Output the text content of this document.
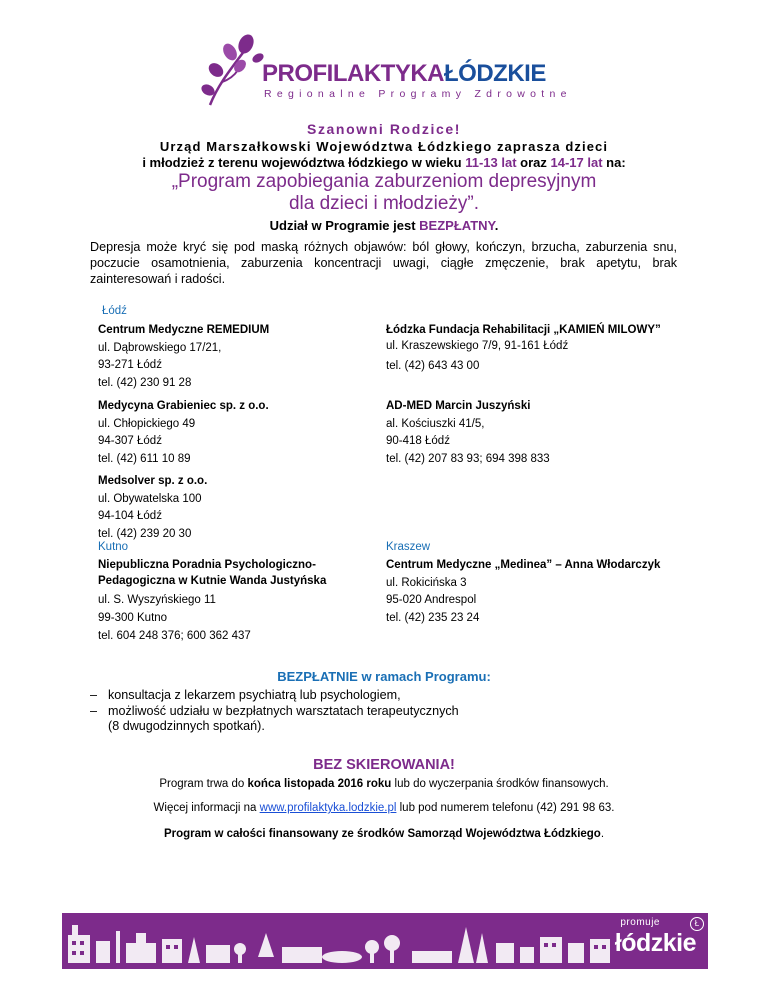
PROFILAKTYKAŁÓDZKIE
Regionalne Programy Zdrowotne
Szanowni Rodzice!
Urząd Marszałkowski Województwa Łódzkiego zaprasza dzieci
i młodzież z terenu województwa łódzkiego w wieku 11-13 lat oraz 14-17 lat na:
„Program zapobiegania zaburzeniom depresyjnym
dla dzieci i młodzieży”.
Udział w Programie jest BEZPŁATNY.
Depresja może kryć się pod maską różnych objawów: ból głowy, kończyn, brzucha, zaburzenia snu, poczucie osamotnienia, zaburzenia koncentracji uwagi, ciągłe zmęczenie, brak apetytu, brak zainteresowań i radości.
Łódź
Centrum Medyczne REMEDIUM
ul. Dąbrowskiego 17/21,
93-271 Łódź
tel. (42) 230 91 28
Medycyna Grabieniec sp. z o.o.
ul. Chłopickiego 49
94-307 Łódź
tel. (42) 611 10 89
Medsolver sp. z o.o.
ul. Obywatelska 100
94-104 Łódź
tel. (42) 239 20 30
Kutno
Niepubliczna Poradnia Psychologiczno-
Pedagogiczna w Kutnie Wanda Justyńska
ul. S. Wyszyńskiego 11
99-300 Kutno
tel. 604 248 376; 600 362 437
Łódzka Fundacja Rehabilitacji „KAMIEŃ MILOWY”
ul. Kraszewskiego 7/9, 91-161 Łódź
tel. (42) 643 43 00
AD-MED Marcin Juszyński
al. Kościuszki 41/5,
90-418 Łódź
tel. (42) 207 83 93; 694 398 833
Kraszew
Centrum Medyczne „Medinea” – Anna Włodarczyk
ul. Rokicińska 3
95-020 Andrespol
tel. (42) 235 23 24
BEZPŁATNIE w ramach Programu:
– konsultacja z lekarzem psychiatrą lub psychologiem,
– możliwość udziału w bezpłatnych warsztatach terapeutycznych
(8 dwugodzinnych spotkań).
BEZ SKIEROWANIA!
Program trwa do końca listopada 2016 roku lub do wyczerpania środków finansowych.
Więcej informacji na www.profilaktyka.lodzkie.pl lub pod numerem telefonu (42) 291 98 63.
Program w całości finansowany ze środków Samorząd Województwa Łódzkiego.
promuje
łódzkie
Ł
